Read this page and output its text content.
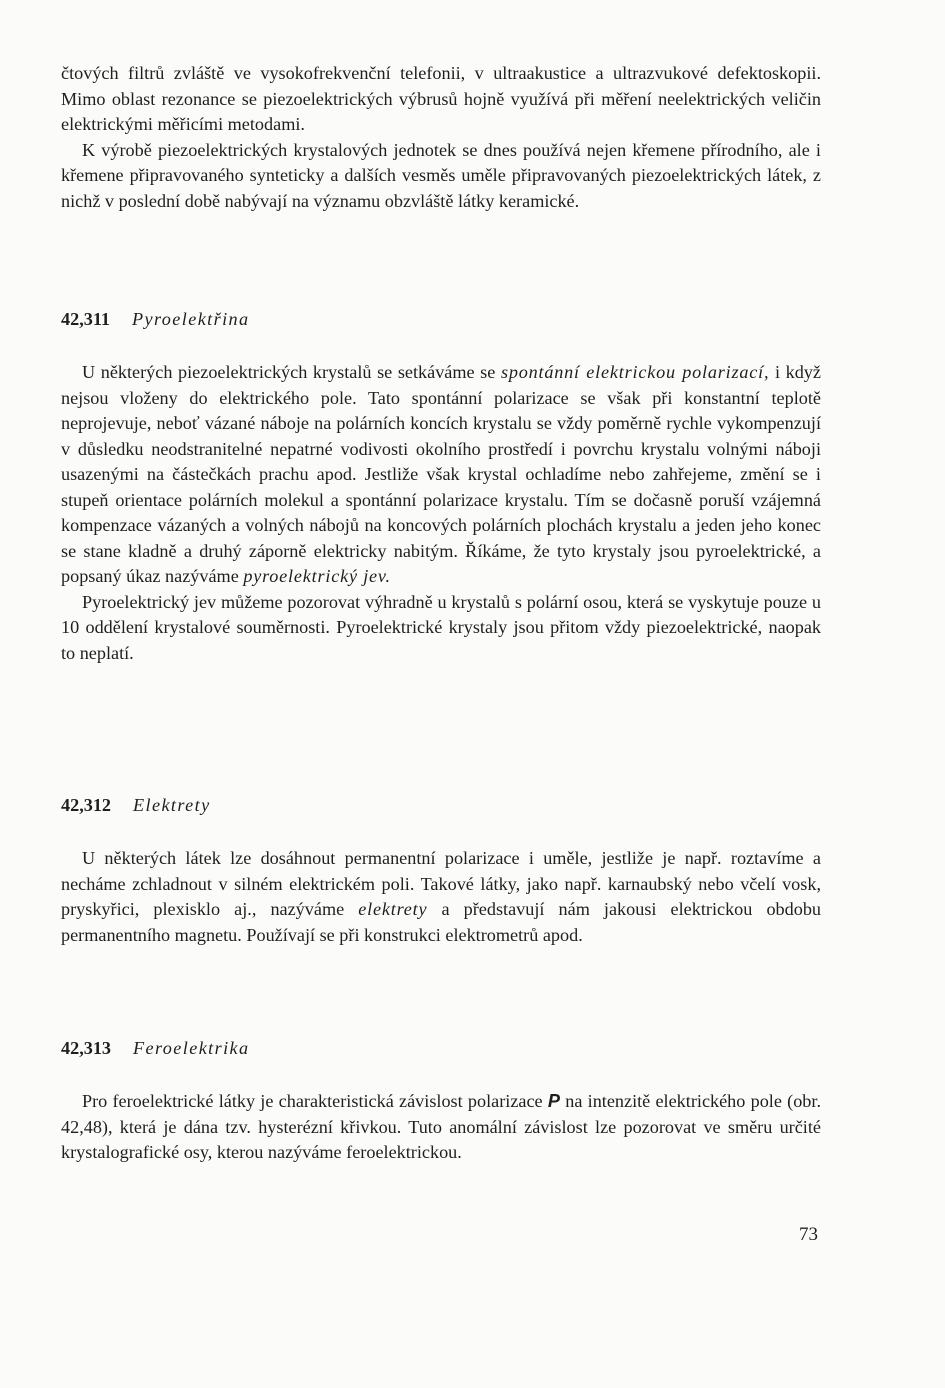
čtových filtrů zvláště ve vysokofrekvenční telefonii, v ultraakustice a ultrazvukové defektoskopii. Mimo oblast rezonance se piezoelektrických výbrusů hojně využívá při měření neelektrických veličin elektrickými měřicími metodami.

K výrobě piezoelektrických krystalových jednotek se dnes používá nejen křemene přírodního, ale i křemene připravovaného synteticky a dalších vesměs uměle připravovaných piezoelektrických látek, z nichž v poslední době nabývají na významu obzvláště látky keramické.

42,311 Pyroelektřina

U některých piezoelektrických krystalů se setkáváme se spontánní elektrickou polarizací, i když nejsou vloženy do elektrického pole. Tato spontánní polarizace se však při konstantní teplotě neprojevuje, neboť vázané náboje na polárních koncích krystalu se vždy poměrně rychle vykompenzují v důsledku neodstranitelné nepatrné vodivosti okolního prostředí i povrchu krystalu volnými náboji usazenými na částečkách prachu apod. Jestliže však krystal ochladíme nebo zahřejeme, změní se i stupeň orientace polárních molekul a spontánní polarizace krystalu. Tím se dočasně poruší vzájemná kompenzace vázaných a volných nábojů na koncových polárních plochách krystalu a jeden jeho konec se stane kladně a druhý záporně elektricky nabitým. Říkáme, že tyto krystaly jsou pyroelektrické, a popsaný úkaz nazýváme pyroelektrický jev.

Pyroelektrický jev můžeme pozorovat výhradně u krystalů s polární osou, která se vyskytuje pouze u 10 oddělení krystalové souměrnosti. Pyroelektrické krystaly jsou přitom vždy piezoelektrické, naopak to neplatí.

42,312 Elektrety

U některých látek lze dosáhnout permanentní polarizace i uměle, jestliže je např. roztavíme a necháme zchladnout v silném elektrickém poli. Takové látky, jako např. karnaubský nebo včelí vosk, pryskyřici, plexisklo aj., nazýváme elektrety a představují nám jakousi elektrickou obdobu permanentního magnetu. Používají se při konstrukci elektrometrů apod.

42,313 Feroelektrika

Pro feroelektrické látky je charakteristická závislost polarizace P na intenzitě elektrického pole (obr. 42,48), která je dána tzv. hysterézní křivkou. Tuto anomální závislost lze pozorovat ve směru určité krystalografické osy, kterou nazýváme feroelektrickou.

73
